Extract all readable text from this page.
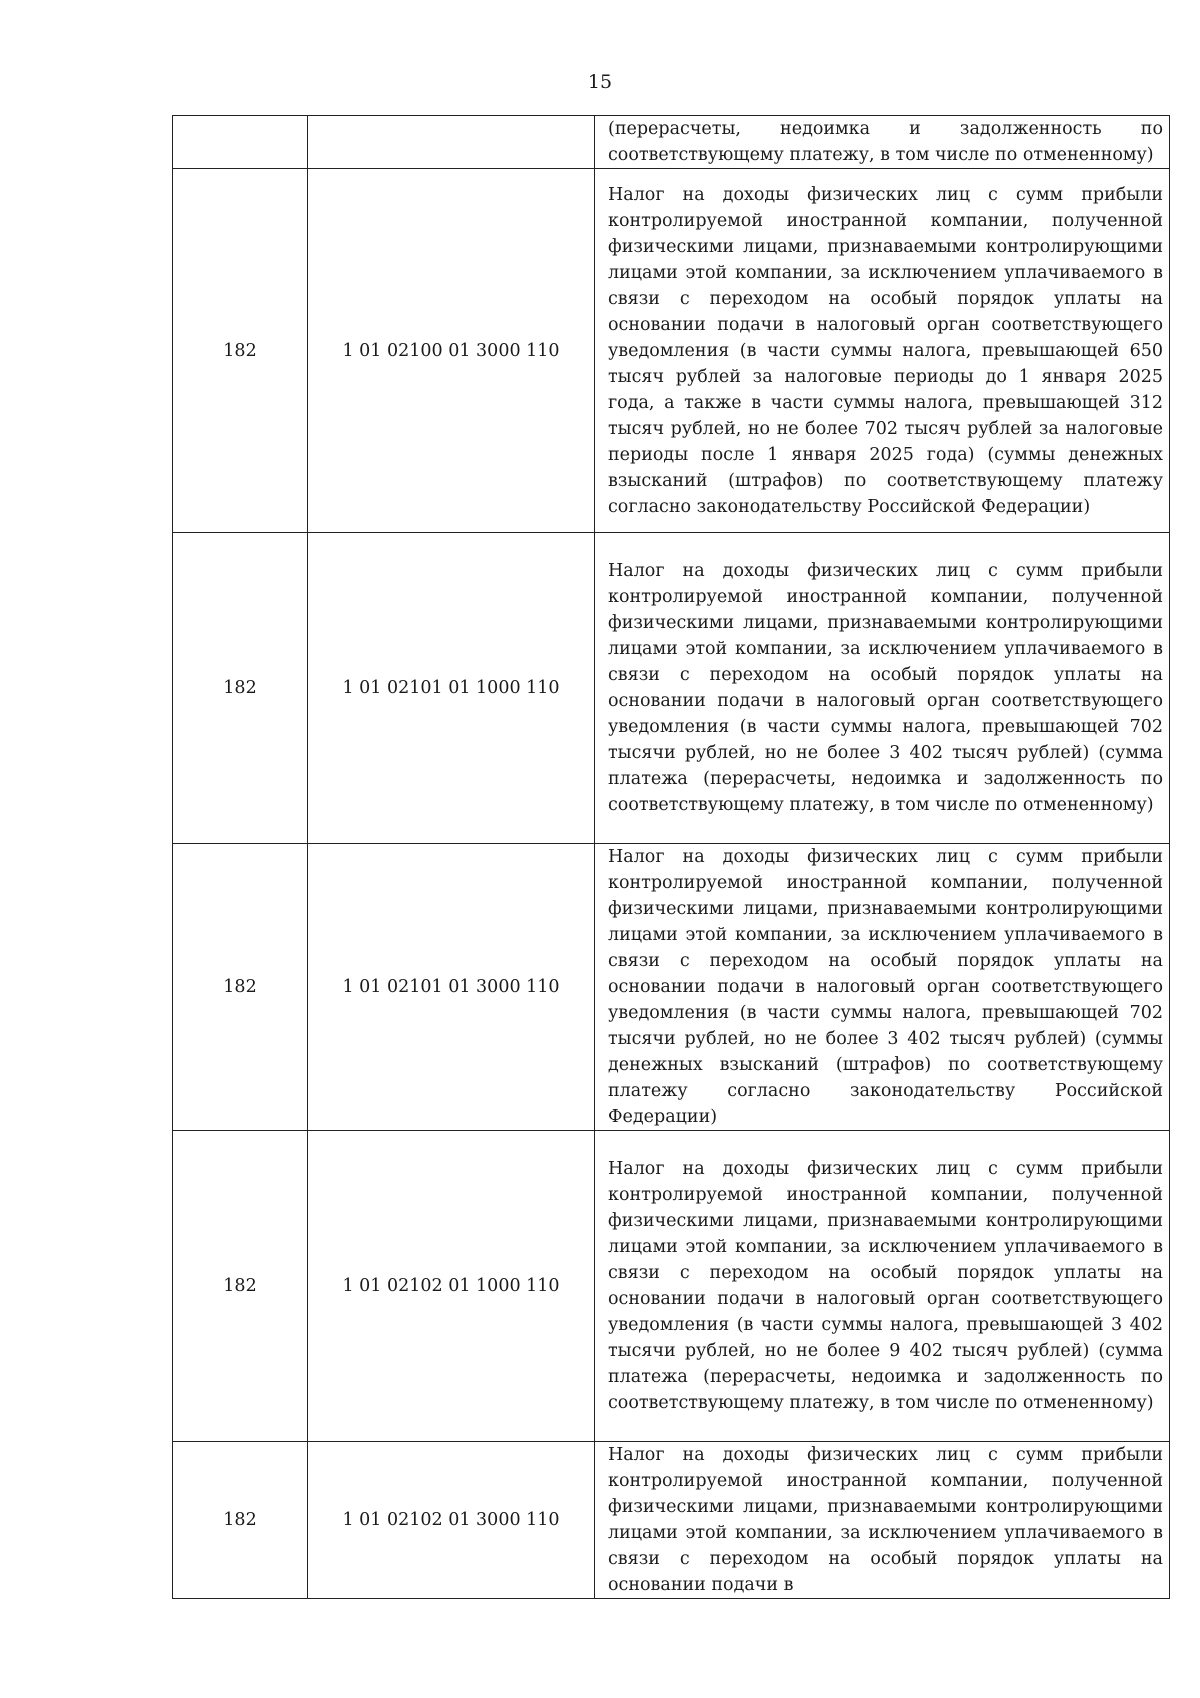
15
		(перерасчеты, недоимка и задолженность по соответствующему платежу, в том числе по отмененному)
182	1 01 02100 01 3000 110	Налог на доходы физических лиц с сумм прибыли контролируемой иностранной компании, полученной физическими лицами, признаваемыми контролирующими лицами этой компании, за исключением уплачиваемого в связи с переходом на особый порядок уплаты на основании подачи в налоговый орган соответствующего уведомления (в части суммы налога, превышающей 650 тысяч рублей за налоговые периоды до 1 января 2025 года, а также в части суммы налога, превышающей 312 тысяч рублей, но не более 702 тысяч рублей за налоговые периоды после 1 января 2025 года) (суммы денежных взысканий (штрафов) по соответствующему платежу согласно законодательству Российской Федерации)
182	1 01 02101 01 1000 110	Налог на доходы физических лиц с сумм прибыли контролируемой иностранной компании, полученной физическими лицами, признаваемыми контролирующими лицами этой компании, за исключением уплачиваемого в связи с переходом на особый порядок уплаты на основании подачи в налоговый орган соответствующего уведомления (в части суммы налога, превышающей 702 тысячи рублей, но не более 3 402 тысяч рублей) (сумма платежа (перерасчеты, недоимка и задолженность по соответствующему платежу, в том числе по отмененному)
182	1 01 02101 01 3000 110	Налог на доходы физических лиц с сумм прибыли контролируемой иностранной компании, полученной физическими лицами, признаваемыми контролирующими лицами этой компании, за исключением уплачиваемого в связи с переходом на особый порядок уплаты на основании подачи в налоговый орган соответствующего уведомления (в части суммы налога, превышающей 702 тысячи рублей, но не более 3 402 тысяч рублей) (суммы денежных взысканий (штрафов) по соответствующему платежу согласно законодательству Российской Федерации)
182	1 01 02102 01 1000 110	Налог на доходы физических лиц с сумм прибыли контролируемой иностранной компании, полученной физическими лицами, признаваемыми контролирующими лицами этой компании, за исключением уплачиваемого в связи с переходом на особый порядок уплаты на основании подачи в налоговый орган соответствующего уведомления (в части суммы налога, превышающей 3 402 тысячи рублей, но не более 9 402 тысяч рублей) (сумма платежа (перерасчеты, недоимка и задолженность по соответствующему платежу, в том числе по отмененному)
182	1 01 02102 01 3000 110	Налог на доходы физических лиц с сумм прибыли контролируемой иностранной компании, полученной физическими лицами, признаваемыми контролирующими лицами этой компании, за исключением уплачиваемого в связи с переходом на особый порядок уплаты на основании подачи в
